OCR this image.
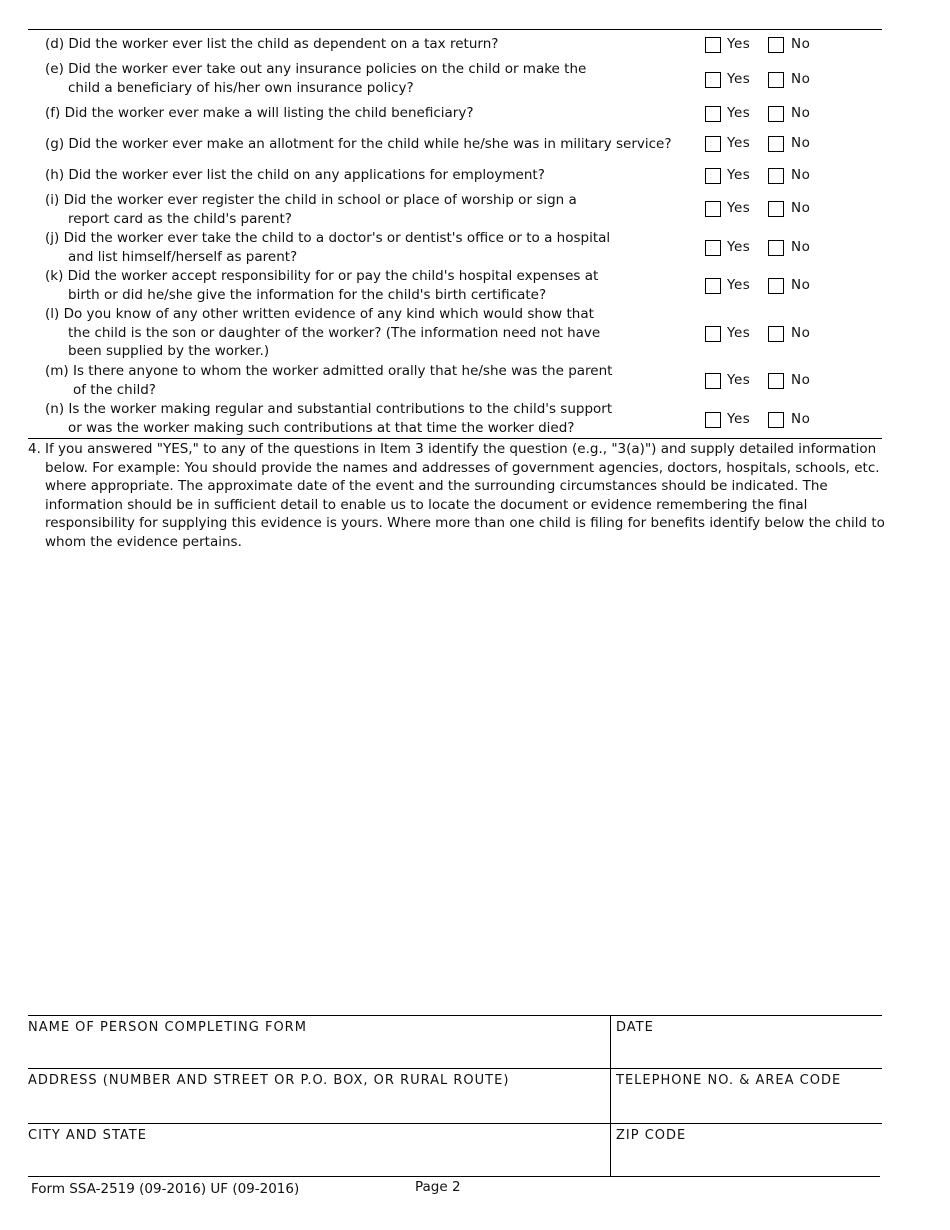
(d) Did the worker ever list the child as dependent on a tax return?	Yes	No
(e) Did the worker ever take out any insurance policies on the child or make the
child a beneficiary of his/her own insurance policy?
Yes	No
(f) Did the worker ever make a will listing the child beneficiary?	Yes	No
(g) Did the worker ever make an allotment for the child while he/she was in military service?	Yes	No
(h) Did the worker ever list the child on any applications for employment?	Yes	No
(i) Did the worker ever register the child in school or place of worship or sign a
report card as the child's parent?
Yes	No
(j) Did the worker ever take the child to a doctor's or dentist's office or to a hospital
and list himself/herself as parent?
Yes	No
(k) Did the worker accept responsibility for or pay the child's hospital expenses at
birth or did he/she give the information for the child's birth certificate?
Yes	No
(l) Do you know of any other written evidence of any kind which would show that
the child is the son or daughter of the worker? (The information need not have
been supplied by the worker.)
Yes	No
(m) Is there anyone to whom the worker admitted orally that he/she was the parent
of the child?
Yes	No
(n) Is the worker making regular and substantial contributions to the child's support
or was the worker making such contributions at that time the worker died?
Yes	No
4. If you answered "YES," to any of the questions in Item 3 identify the question (e.g., "3(a)") and supply detailed information below. For example: You should provide the names and addresses of government agencies, doctors, hospitals, schools, etc. where appropriate. The approximate date of the event and the surrounding circumstances should be indicated. The information should be in sufficient detail to enable us to locate the document or evidence remembering the final responsibility for supplying this evidence is yours. Where more than one child is filing for benefits identify below the child to whom the evidence pertains.
NAME OF PERSON COMPLETING FORM	DATE
ADDRESS (NUMBER AND STREET OR P.O. BOX, OR RURAL ROUTE)	TELEPHONE NO. & AREA CODE
CITY AND STATE	ZIP CODE
Form SSA-2519 (09-2016) UF (09-2016)	Page 2
